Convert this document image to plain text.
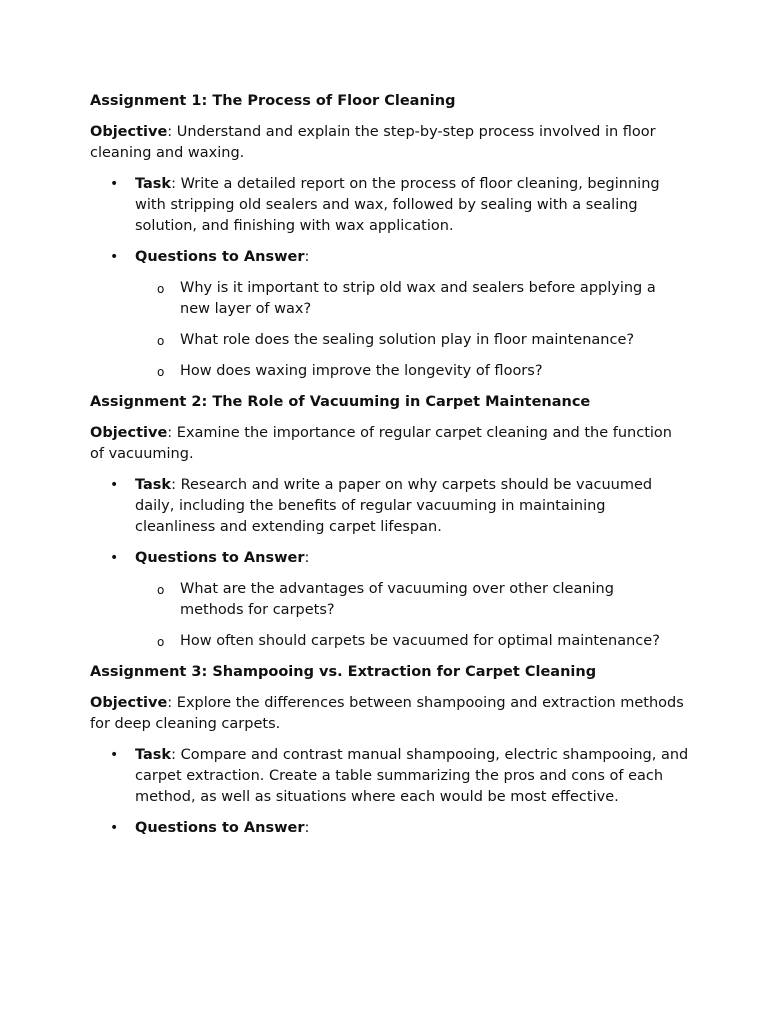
Assignment 1: The Process of Floor Cleaning
Objective: Understand and explain the step-by-step process involved in floor cleaning and waxing.
• Task: Write a detailed report on the process of floor cleaning, beginning with stripping old sealers and wax, followed by sealing with a sealing solution, and finishing with wax application.
• Questions to Answer:
o Why is it important to strip old wax and sealers before applying a new layer of wax?
o What role does the sealing solution play in floor maintenance?
o How does waxing improve the longevity of floors?
Assignment 2: The Role of Vacuuming in Carpet Maintenance
Objective: Examine the importance of regular carpet cleaning and the function of vacuuming.
• Task: Research and write a paper on why carpets should be vacuumed daily, including the benefits of regular vacuuming in maintaining cleanliness and extending carpet lifespan.
• Questions to Answer:
o What are the advantages of vacuuming over other cleaning methods for carpets?
o How often should carpets be vacuumed for optimal maintenance?
Assignment 3: Shampooing vs. Extraction for Carpet Cleaning
Objective: Explore the differences between shampooing and extraction methods for deep cleaning carpets.
• Task: Compare and contrast manual shampooing, electric shampooing, and carpet extraction. Create a table summarizing the pros and cons of each method, as well as situations where each would be most effective.
• Questions to Answer:
